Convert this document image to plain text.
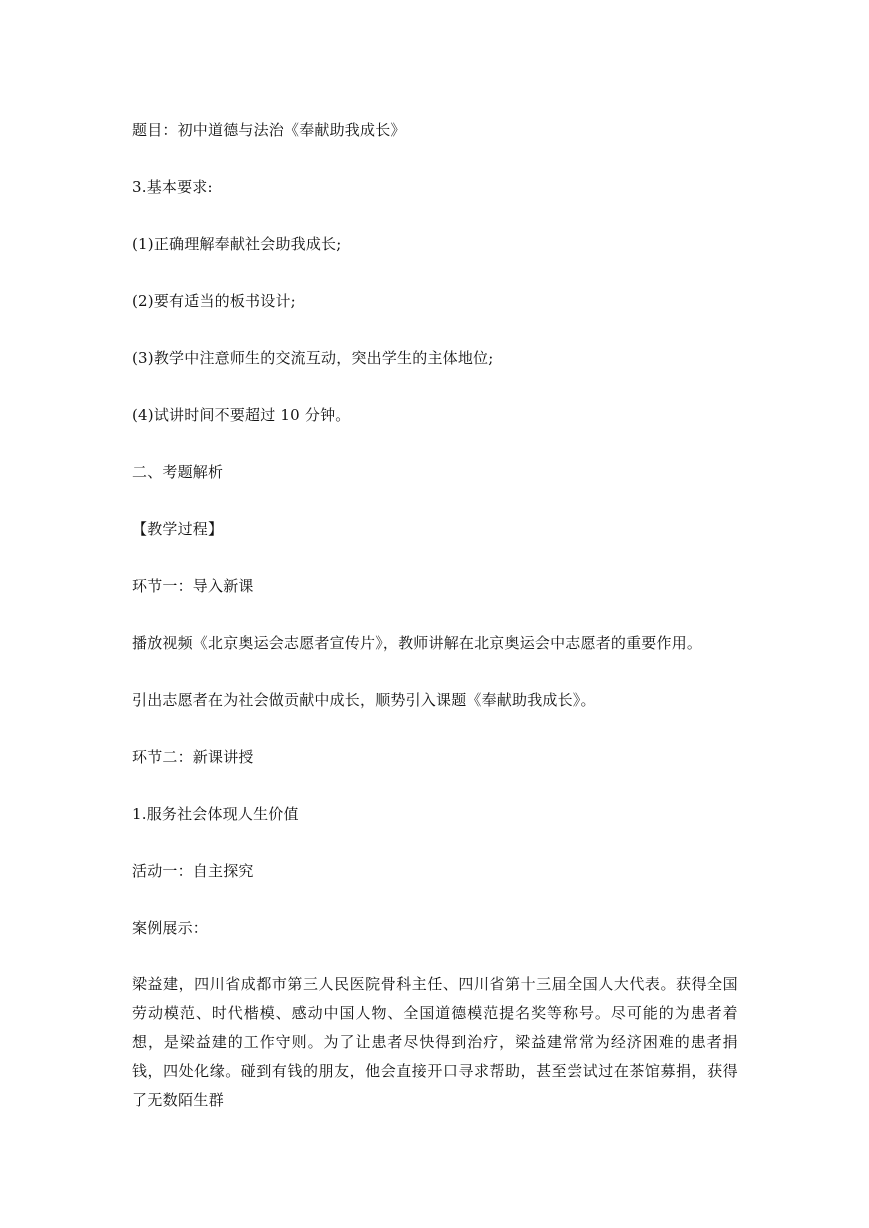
题目：初中道德与法治《奉献助我成长》
3.基本要求:
(1)正确理解奉献社会助我成长;
(2)要有适当的板书设计;
(3)教学中注意师生的交流互动，突出学生的主体地位;
(4)试讲时间不要超过 10 分钟。
二、考题解析
【教学过程】
环节一：导入新课
播放视频《北京奥运会志愿者宣传片》，教师讲解在北京奥运会中志愿者的重要作用。
引出志愿者在为社会做贡献中成长，顺势引入课题《奉献助我成长》。
环节二：新课讲授
1.服务社会体现人生价值
活动一：自主探究
案例展示：
梁益建，四川省成都市第三人民医院骨科主任、四川省第十三届全国人大代表。获得全国劳动模范、时代楷模、感动中国人物、全国道德模范提名奖等称号。尽可能的为患者着想，是梁益建的工作守则。为了让患者尽快得到治疗，梁益建常常为经济困难的患者捐钱，四处化缘。碰到有钱的朋友，他会直接开口寻求帮助，甚至尝试过在茶馆募捐，获得了无数陌生群
